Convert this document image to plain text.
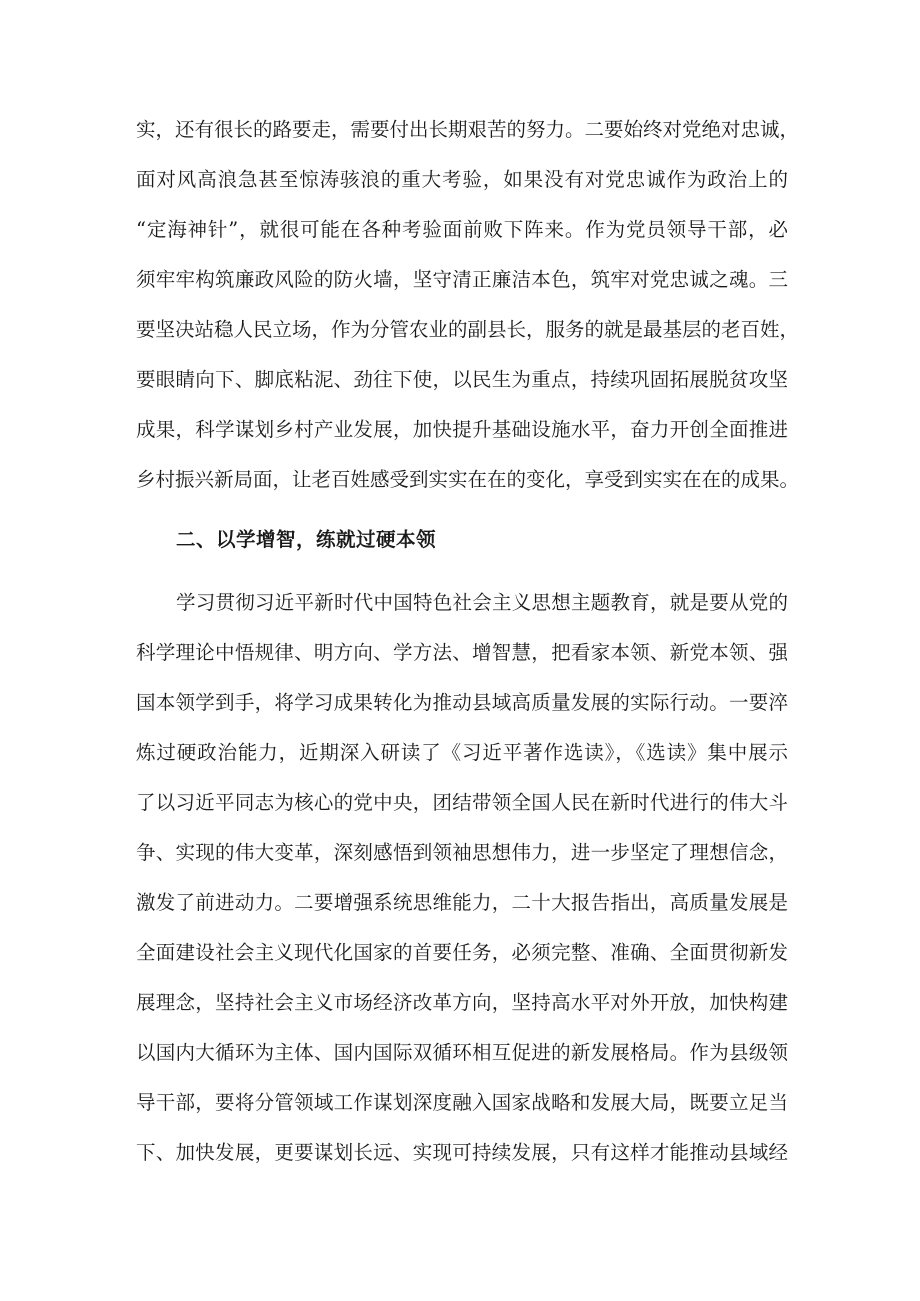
实，还有很长的路要走，需要付出长期艰苦的努力。二要始终对党绝对忠诚，
面对风高浪急甚至惊涛骇浪的重大考验，如果没有对党忠诚作为政治上的
“定海神针”，就很可能在各种考验面前败下阵来。作为党员领导干部，必
须牢牢构筑廉政风险的防火墙，坚守清正廉洁本色，筑牢对党忠诚之魂。三
要坚决站稳人民立场，作为分管农业的副县长，服务的就是最基层的老百姓，
要眼睛向下、脚底粘泥、劲往下使，以民生为重点，持续巩固拓展脱贫攻坚
成果，科学谋划乡村产业发展，加快提升基础设施水平，奋力开创全面推进
乡村振兴新局面，让老百姓感受到实实在在的变化，享受到实实在在的成果。
二、以学增智，练就过硬本领
学习贯彻习近平新时代中国特色社会主义思想主题教育，就是要从党的
科学理论中悟规律、明方向、学方法、增智慧，把看家本领、新党本领、强
国本领学到手，将学习成果转化为推动县域高质量发展的实际行动。一要淬
炼过硬政治能力，近期深入研读了《习近平著作选读》，《选读》集中展示
了以习近平同志为核心的党中央，团结带领全国人民在新时代进行的伟大斗
争、实现的伟大变革，深刻感悟到领袖思想伟力，进一步坚定了理想信念，
激发了前进动力。二要增强系统思维能力，二十大报告指出，高质量发展是
全面建设社会主义现代化国家的首要任务，必须完整、准确、全面贯彻新发
展理念，坚持社会主义市场经济改革方向，坚持高水平对外开放，加快构建
以国内大循环为主体、国内国际双循环相互促进的新发展格局。作为县级领
导干部，要将分管领域工作谋划深度融入国家战略和发展大局，既要立足当
下、加快发展，更要谋划长远、实现可持续发展，只有这样才能推动县域经
